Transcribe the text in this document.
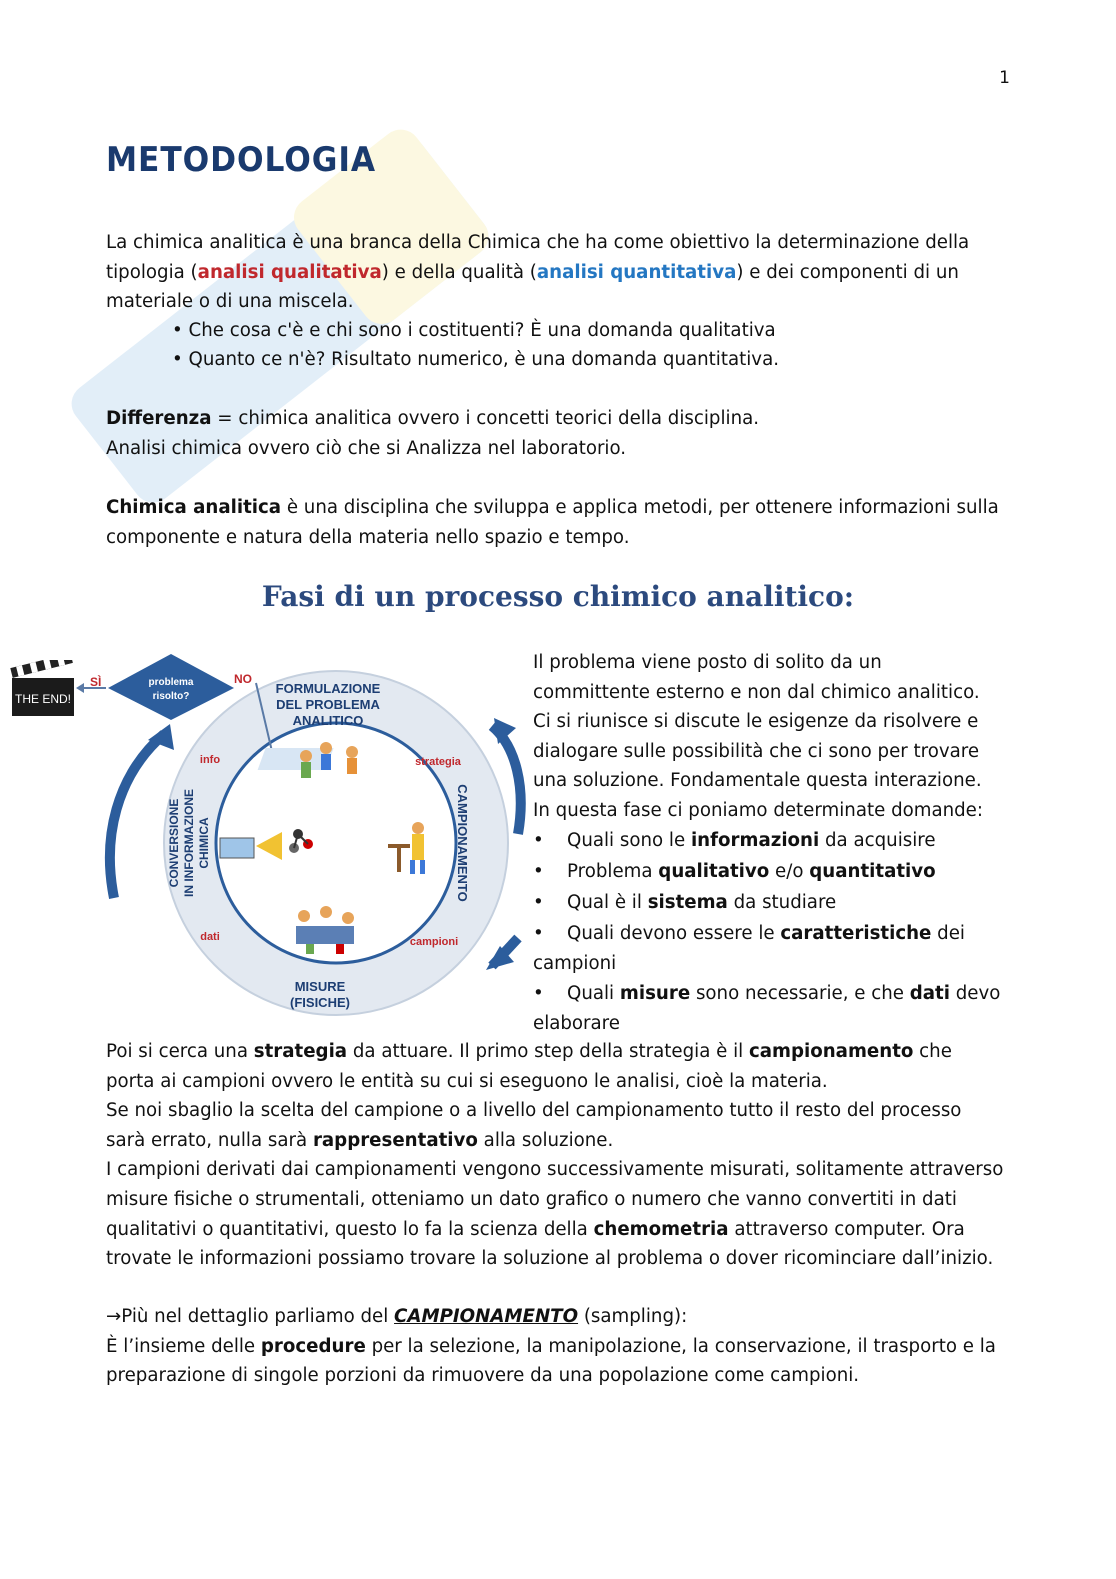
1
METODOLOGIA

La chimica analitica è una branca della Chimica che ha come obiettivo la determinazione della tipologia (analisi qualitativa) e della qualità (analisi quantitativa) e dei componenti di un materiale o di una miscela.

• Che cosa c'è e chi sono i costituenti? È una domanda qualitativa

• Quanto ce n'è? Risultato numerico, è una domanda quantitativa.

Differenza = chimica analitica ovvero i concetti teorici della disciplina.
Analisi chimica ovvero ciò che si Analizza nel laboratorio.

Chimica analitica è una disciplina che sviluppa e applica metodi, per ottenere informazioni sulla componente e natura della materia nello spazio e tempo.

Fasi di un processo chimico analitico:
THE END!
problema
risolto?
SÌ	NO
FORMULAZIONE
DEL PROBLEMA
ANALITICO
info	strategia
dati	campioni
CAMPIONAMENTO
CONVERSIONE IN INFORMAZIONE CHIMICA
MISURE
(FISICHE)

Il problema viene posto di solito da un committente esterno e non dal chimico analitico. Ci si riunisce si discute le esigenze da risolvere e dialogare sulle possibilità che ci sono per trovare una soluzione. Fondamentale questa interazione. In questa fase ci poniamo determinate domande:

• Quali sono le informazioni da acquisire

• Problema qualitativo e/o quantitativo

• Qual è il sistema da studiare

• Quali devono essere le caratteristiche dei
campioni

• Quali misure sono necessarie, e che dati devo
elaborare

Poi si cerca una strategia da attuare. Il primo step della strategia è il campionamento che porta ai campioni ovvero le entità su cui si eseguono le analisi, cioè la materia.
Se noi sbaglio la scelta del campione o a livello del campionamento tutto il resto del processo sarà errato, nulla sarà rappresentativo alla soluzione.
I campioni derivati dai campionamenti vengono successivamente misurati, solitamente attraverso misure fisiche o strumentali, otteniamo un dato grafico o numero che vanno convertiti in dati qualitativi o quantitativi, questo lo fa la scienza della chemometria attraverso computer. Ora trovate le informazioni possiamo trovare la soluzione al problema o dover ricominciare dall’inizio.

→Più nel dettaglio parliamo del CAMPIONAMENTO (sampling):
È l’insieme delle procedure per la selezione, la manipolazione, la conservazione, il trasporto e la preparazione di singole porzioni da rimuovere da una popolazione come campioni.
